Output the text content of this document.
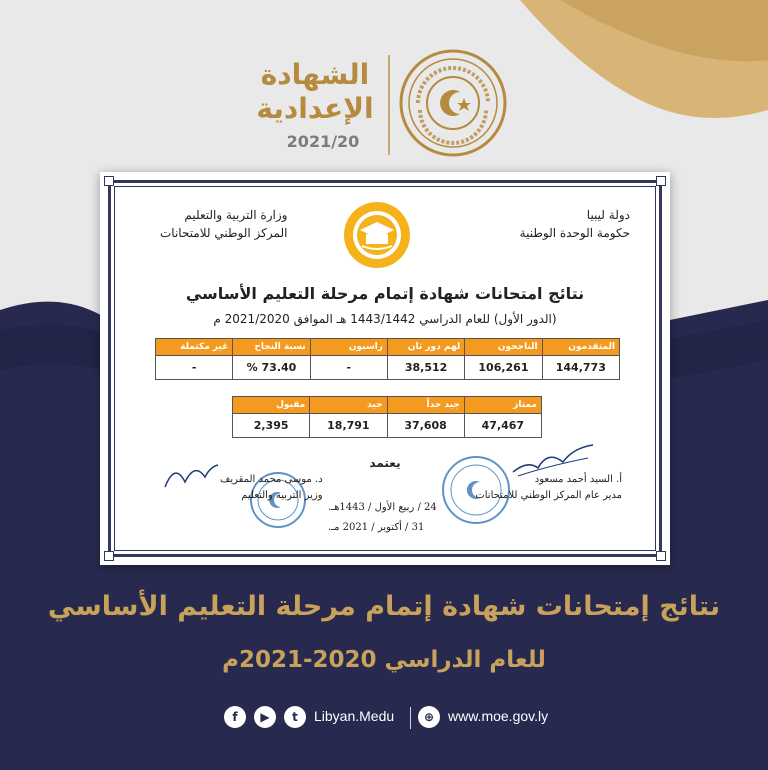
الشهادة
الإعدادية
2021/20
دولة ليبيا
حكومة الوحدة الوطنية
وزارة التربية والتعليم
المركز الوطني للامتحانات
نتائج امتحانات شهادة إتمام مرحلة التعليم الأساسي
(الدور الأول) للعام الدراسي 1443/1442 هـ الموافق 2021/2020 م
المتقدمون	الناجحون	لهم دور ثان	راسبون	نسبة النجاح	غير مكتملة
144,773	106,261	38,512	-	% 73.40	-
ممتاز	جيد جداً	جيد	مقبول
47,467	37,608	18,791	2,395
يعتمد
أ. السيد أحمد مسعود
مدير عام المركز الوطني للامتحانات
د. موسى محمد المقريف
وزير التربية والتعليم
24 / ربيع الأول / 1443هـ.
31 / أكتوبر / 2021 مـ.
نتائج إمتحانات شهادة إتمام مرحلة التعليم الأساسي
للعام الدراسي 2020-2021م
f	▶	t	Libyan.Medu	⊕ www.moe.gov.ly
